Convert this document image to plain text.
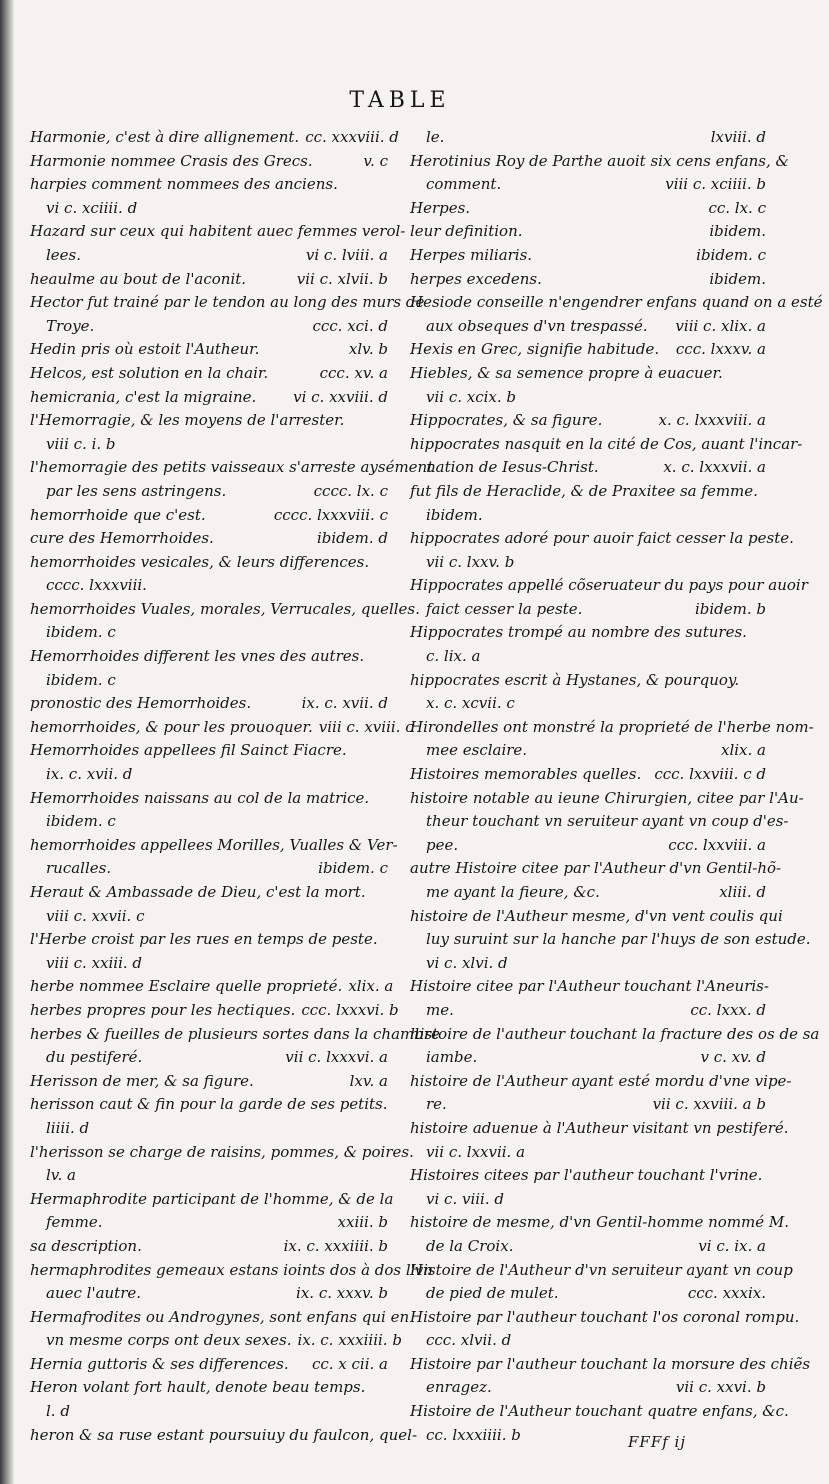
TABLE
Harmonie, c'est à dire allignement. cc. xxxviii. d
Harmonie nommee Crasis des Grecs.	v. c
harpies comment nommees des anciens.
vi c. xciiii. d
Hazard sur ceux qui habitent auec femmes verol-
lees.	vi c. lviii. a
heaulme au bout de l'aconit.	vii c. xlvii. b
Hector fut trainé par le tendon au long des murs de
Troye.	ccc. xci. d
Hedin pris où estoit l'Autheur.	xlv. b
Helcos, est solution en la chair.	ccc. xv. a
hemicrania, c'est la migraine.	vi c. xxviii. d
l'Hemorragie, & les moyens de l'arrester.
viii c. i. b
l'hemorragie des petits vaisseaux s'arreste aysément
par les sens astringens.	cccc. lx. c
hemorrhoide que c'est.	cccc. lxxxviii. c
cure des Hemorrhoides.	ibidem. d
hemorrhoides vesicales, & leurs differences.
cccc. lxxxviii.
hemorrhoides Vuales, morales, Verrucales, quelles.
ibidem. c
Hemorrhoides different les vnes des autres.
ibidem. c
pronostic des Hemorrhoides.	ix. c. xvii. d
hemorrhoides, & pour les prouoquer. viii c. xviii. c
Hemorrhoides appellees fil Sainct Fiacre.
ix. c. xvii. d
Hemorrhoides naissans au col de la matrice.
ibidem. c
hemorrhoides appellees Morilles, Vualles & Ver-
rucalles.	ibidem. c
Heraut & Ambassade de Dieu, c'est la mort.
viii c. xxvii. c
l'Herbe croist par les rues en temps de peste.
viii c. xxiii. d
herbe nommee Esclaire quelle proprieté. xlix. a
herbes propres pour les hectiques. ccc. lxxxvi. b
herbes & fueilles de plusieurs sortes dans la chambre
du pestiferé.	vii c. lxxxvi. a
Herisson de mer, & sa figure.	lxv. a
herisson caut & fin pour la garde de ses petits.
liiii. d
l'herisson se charge de raisins, pommes, & poires.
lv. a
Hermaphrodite participant de l'homme, & de la
femme.	xxiii. b
sa description.	ix. c. xxxiiii. b
hermaphrodites gemeaux estans ioints dos à dos l'vn
auec l'autre.	ix. c. xxxv. b
Hermafrodites ou Androgynes, sont enfans qui en
vn mesme corps ont deux sexes. ix. c. xxxiiii. b
Hernia guttoris & ses differences.	cc. x cii. a
Heron volant fort hault, denote beau temps.
l. d
heron & sa ruse estant poursuiuy du faulcon, quel-
le.	lxviii. d
Herotinius Roy de Parthe auoit six cens enfans, &
comment.	viii c. xciiii. b
Herpes.	cc. lx. c
leur definition.	ibidem.
Herpes miliaris.	ibidem. c
herpes excedens.	ibidem.
Hesiode conseille n'engendrer enfans quand on a esté
aux obseques d'vn trespassé.	viii c. xlix. a
Hexis en Grec, signifie habitude.	ccc. lxxxv. a
Hiebles, & sa semence propre à euacuer.
vii c. xcix. b
Hippocrates, & sa figure.	x. c. lxxxviii. a
hippocrates nasquit en la cité de Cos, auant l'incar-
nation de Iesus-Christ.	x. c. lxxxvii. a
fut fils de Heraclide, & de Praxitee sa femme.
ibidem.
hippocrates adoré pour auoir faict cesser la peste.
vii c. lxxv. b
Hippocrates appellé cõseruateur du pays pour auoir
faict cesser la peste.	ibidem. b
Hippocrates trompé au nombre des sutures.
c. lix. a
hippocrates escrit à Hystanes, & pourquoy.
x. c. xcvii. c
Hirondelles ont monstré la proprieté de l'herbe nom-
mee esclaire.	xlix. a
Histoires memorables quelles. ccc. lxxviii. c d
histoire notable au ieune Chirurgien, citee par l'Au-
theur touchant vn seruiteur ayant vn coup d'es-
pee.	ccc. lxxviii. a
autre Histoire citee par l'Autheur d'vn Gentil-hõ-
me ayant la fieure, &c.	xliii. d
histoire de l'Autheur mesme, d'vn vent coulis qui
luy suruint sur la hanche par l'huys de son estude.
vi c. xlvi. d
Histoire citee par l'Autheur touchant l'Aneuris-
me.	cc. lxxx. d
histoire de l'autheur touchant la fracture des os de sa
iambe.	v c. xv. d
histoire de l'Autheur ayant esté mordu d'vne vipe-
re.	vii c. xxviii. a b
histoire aduenue à l'Autheur visitant vn pestiferé.
vii c. lxxvii. a
Histoires citees par l'autheur touchant l'vrine.
vi c. viii. d
histoire de mesme, d'vn Gentil-homme nommé M.
de la Croix.	vi c. ix. a
Histoire de l'Autheur d'vn seruiteur ayant vn coup
de pied de mulet.	ccc. xxxix.
Histoire par l'autheur touchant l'os coronal rompu.
ccc. xlvii. d
Histoire par l'autheur touchant la morsure des chiẽs
enragez.	vii c. xxvi. b
Histoire de l'Autheur touchant quatre enfans, &c.
cc. lxxxiiii. b	FFFf ij
